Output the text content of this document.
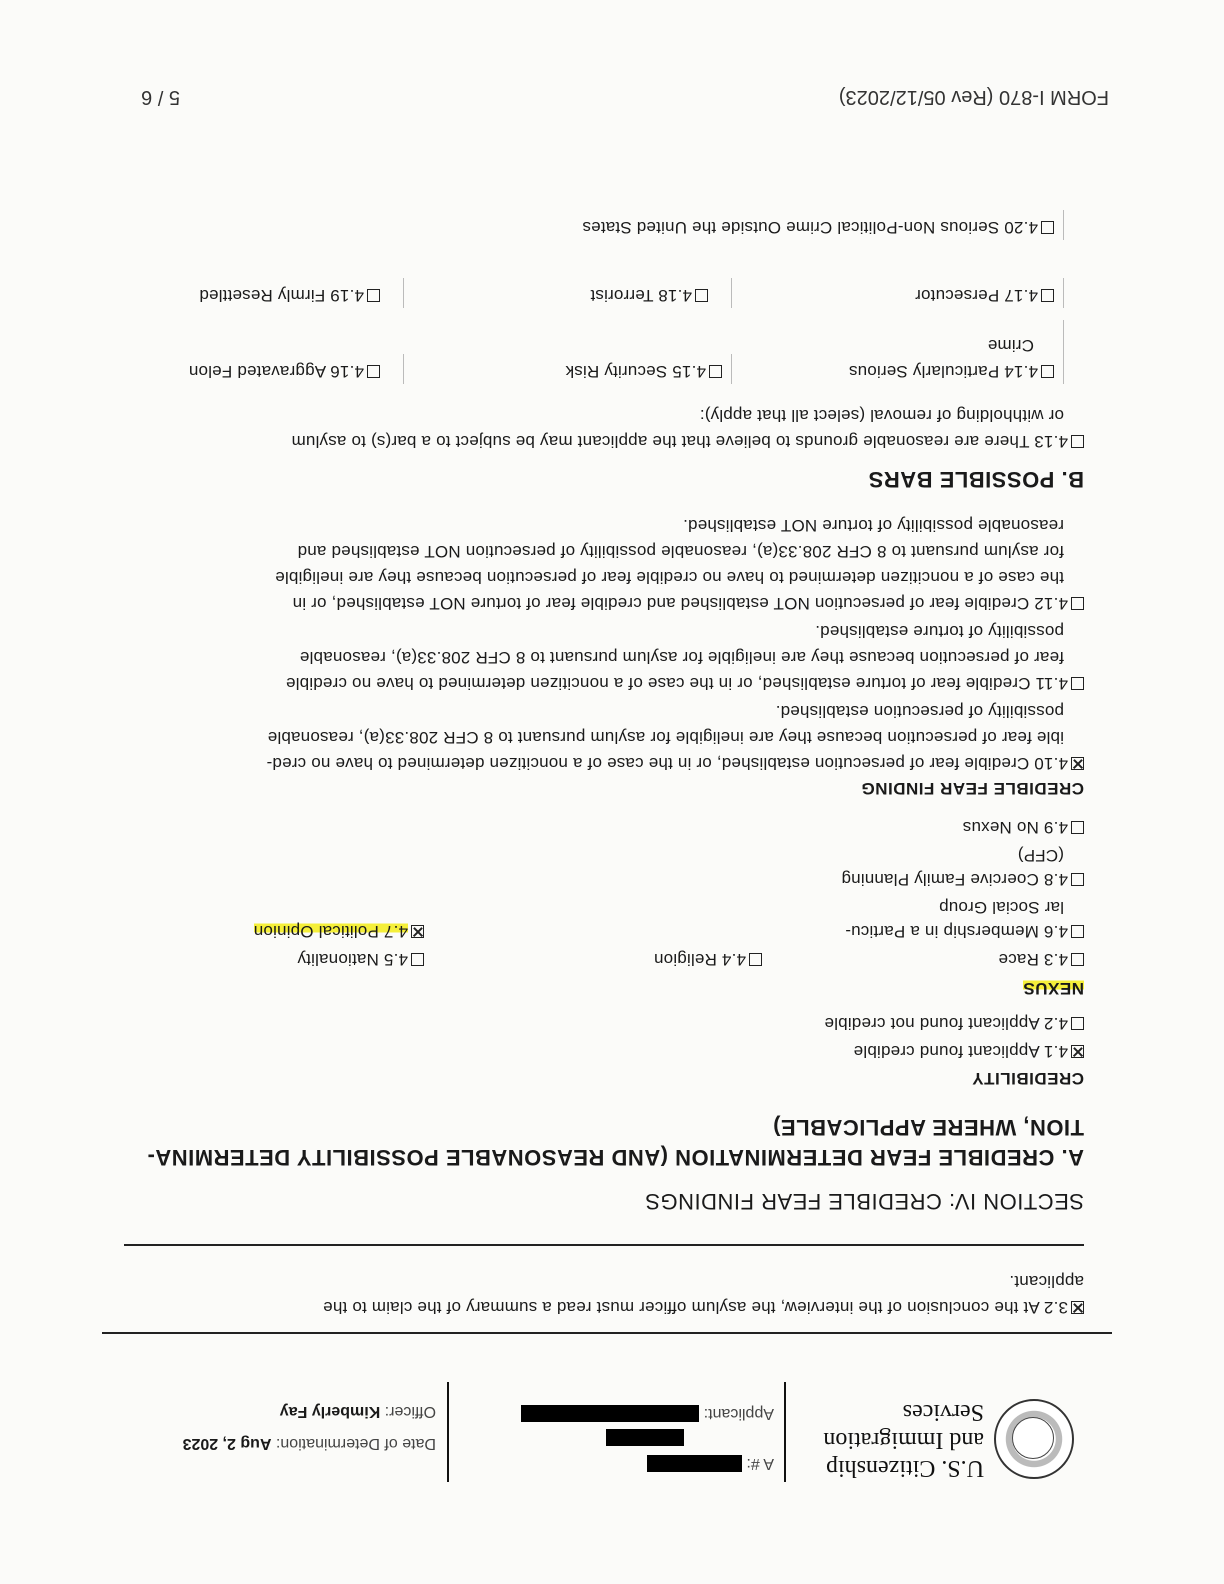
U.S. Citizenship
and Immigration
Services
A #:
Applicant:
Date of Determination: Aug 2, 2023
Officer: Kimberly Fay
3.2 At the conclusion of the interview, the asylum officer must read a summary of the claim to the
applicant.
SECTION IV: CREDIBLE FEAR FINDINGS
A. CREDIBLE FEAR DETERMINATION (AND REASONABLE POSSIBILITY DETERMINA-
TION, WHERE APPLICABLE)
CREDIBILITY
4.1 Applicant found credible
4.2 Applicant found not credible
NEXUS
4.3 Race
4.4 Religion
4.5 Nationality
4.6 Membership in a Particu-
4.7 Political Opinion
lar Social Group
4.8 Coercive Family Planning
(CFP)
4.9 No Nexus
CREDIBLE FEAR FINDING
4.10 Credible fear of persecution established, or in the case of a noncitizen determined to have no cred-
ible fear of persecution because they are ineligible for asylum pursuant to 8 CFR 208.33(a), reasonable
possibility of persecution established.
4.11 Credible fear of torture established, or in the case of a noncitizen determined to have no credible
fear of persecution because they are ineligible for asylum pursuant to 8 CFR 208.33(a), reasonable
possibility of torture established.
4.12 Credible fear of persecution NOT established and credible fear of torture NOT established, or in
the case of a noncitizen determined to have no credible fear of persecution because they are ineligible
for asylum pursuant to 8 CFR 208.33(a), reasonable possibility of persecution NOT established and
reasonable possibility of torture NOT established.
B. POSSIBLE BARS
4.13 There are reasonable grounds to believe that the applicant may be subject to a bar(s) to asylum
or withholding of removal (select all that apply):
4.14 Particularly Serious
Crime
4.15 Security Risk
4.16 Aggravated Felon
4.17 Persecutor
4.18 Terrorist
4.19 Firmly Resettled
4.20 Serious Non-Political Crime Outside the United States
FORM I-870 (Rev 05/12/2023)
5 / 6
